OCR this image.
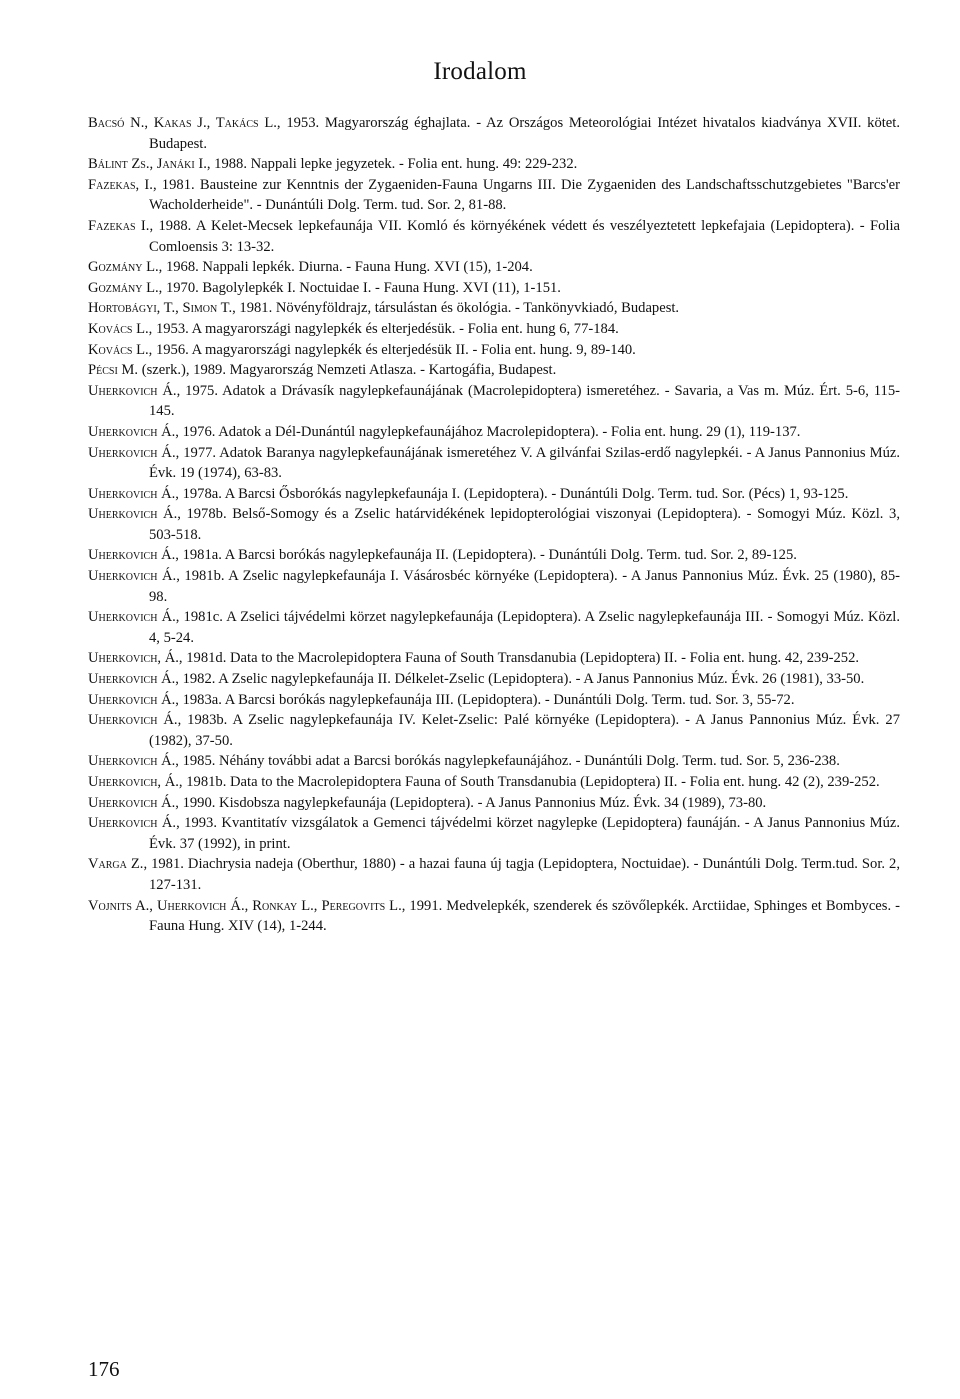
Irodalom
Bacsó N., Kakas J., Takács L., 1953. Magyarország éghajlata. - Az Országos Meteorológiai Intézet hivatalos kiadványa XVII. kötet. Budapest.
Bálint Zs., Janáki I., 1988. Nappali lepke jegyzetek. - Folia ent. hung. 49: 229-232.
Fazekas, I., 1981. Bausteine zur Kenntnis der Zygaeniden-Fauna Ungarns III. Die Zygaeniden des Landschaftsschutzgebietes "Barcs'er Wacholderheide". - Dunántúli Dolg. Term. tud. Sor. 2, 81-88.
Fazekas I., 1988. A Kelet-Mecsek lepkefaunája VII. Komló és környékének védett és veszélyeztetett lepkefajaia (Lepidoptera). - Folia Comloensis 3: 13-32.
Gozmány L., 1968. Nappali lepkék. Diurna. - Fauna Hung. XVI (15), 1-204.
Gozmány L., 1970. Bagolylepkék I. Noctuidae I. - Fauna Hung. XVI (11), 1-151.
Hortobágyi, T., Simon T., 1981. Növényföldrajz, társulástan és ökológia. - Tankönyvkiadó, Budapest.
Kovács L., 1953. A magyarországi nagylepkék és elterjedésük. - Folia ent. hung 6, 77-184.
Kovács L., 1956. A magyarországi nagylepkék és elterjedésük II. - Folia ent. hung. 9, 89-140.
Pécsi M. (szerk.), 1989. Magyarország Nemzeti Atlasza. - Kartogáfia, Budapest.
Uherkovich Á., 1975. Adatok a Drávasík nagylepkefaunájának (Macrolepidoptera) ismeretéhez. - Savaria, a Vas m. Múz. Ért. 5-6, 115-145.
Uherkovich Á., 1976. Adatok a Dél-Dunántúl nagylepkefaunájához Macrolepidoptera). - Folia ent. hung. 29 (1), 119-137.
Uherkovich Á., 1977. Adatok Baranya nagylepkefaunájának ismeretéhez V. A gilvánfai Szilas-erdő nagylepkéi. - A Janus Pannonius Múz. Évk. 19 (1974), 63-83.
Uherkovich Á., 1978a. A Barcsi Ősborókás nagylepkefaunája I. (Lepidoptera). - Dunántúli Dolg. Term. tud. Sor. (Pécs) 1, 93-125.
Uherkovich Á., 1978b. Belső-Somogy és a Zselic határvidékének lepidopterológiai viszonyai (Lepidoptera). - Somogyi Múz. Közl. 3, 503-518.
Uherkovich Á., 1981a. A Barcsi borókás nagylepkefaunája II. (Lepidoptera). - Dunántúli Dolg. Term. tud. Sor. 2, 89-125.
Uherkovich Á., 1981b. A Zselic nagylepkefaunája I. Vásárosbéc környéke (Lepidoptera). - A Janus Pannonius Múz. Évk. 25 (1980), 85-98.
Uherkovich Á., 1981c. A Zselici tájvédelmi körzet nagylepkefaunája (Lepidoptera). A Zselic nagylepkefaunája III. - Somogyi Múz. Közl. 4, 5-24.
Uherkovich, Á., 1981d. Data to the Macrolepidoptera Fauna of South Transdanubia (Lepidoptera) II. - Folia ent. hung. 42, 239-252.
Uherkovich Á., 1982. A Zselic nagylepkefaunája II. Délkelet-Zselic (Lepidoptera). - A Janus Pannonius Múz. Évk. 26 (1981), 33-50.
Uherkovich Á., 1983a. A Barcsi borókás nagylepkefaunája III. (Lepidoptera). - Dunántúli Dolg. Term. tud. Sor. 3, 55-72.
Uherkovich Á., 1983b. A Zselic nagylepkefaunája IV. Kelet-Zselic: Palé környéke (Lepidoptera). - A Janus Pannonius Múz. Évk. 27 (1982), 37-50.
Uherkovich Á., 1985. Néhány további adat a Barcsi borókás nagylepkefaunájához. - Dunántúli Dolg. Term. tud. Sor. 5, 236-238.
Uherkovich, Á., 1981b. Data to the Macrolepidoptera Fauna of South Transdanubia (Lepidoptera) II. - Folia ent. hung. 42 (2), 239-252.
Uherkovich Á., 1990. Kisdobsza nagylepkefaunája (Lepidoptera). - A Janus Pannonius Múz. Évk. 34 (1989), 73-80.
Uherkovich Á., 1993. Kvantitatív vizsgálatok a Gemenci tájvédelmi körzet nagylepke (Lepidoptera) faunáján. - A Janus Pannonius Múz. Évk. 37 (1992), in print.
Varga Z., 1981. Diachrysia nadeja (Oberthur, 1880) - a hazai fauna új tagja (Lepidoptera, Noctuidae). - Dunántúli Dolg. Term.tud. Sor. 2, 127-131.
Vojnits A., Uherkovich Á., Ronkay L., Peregovits L., 1991. Medvelepkék, szenderek és szövőlepkék. Arctiidae, Sphinges et Bombyces. - Fauna Hung. XIV (14), 1-244.
176
